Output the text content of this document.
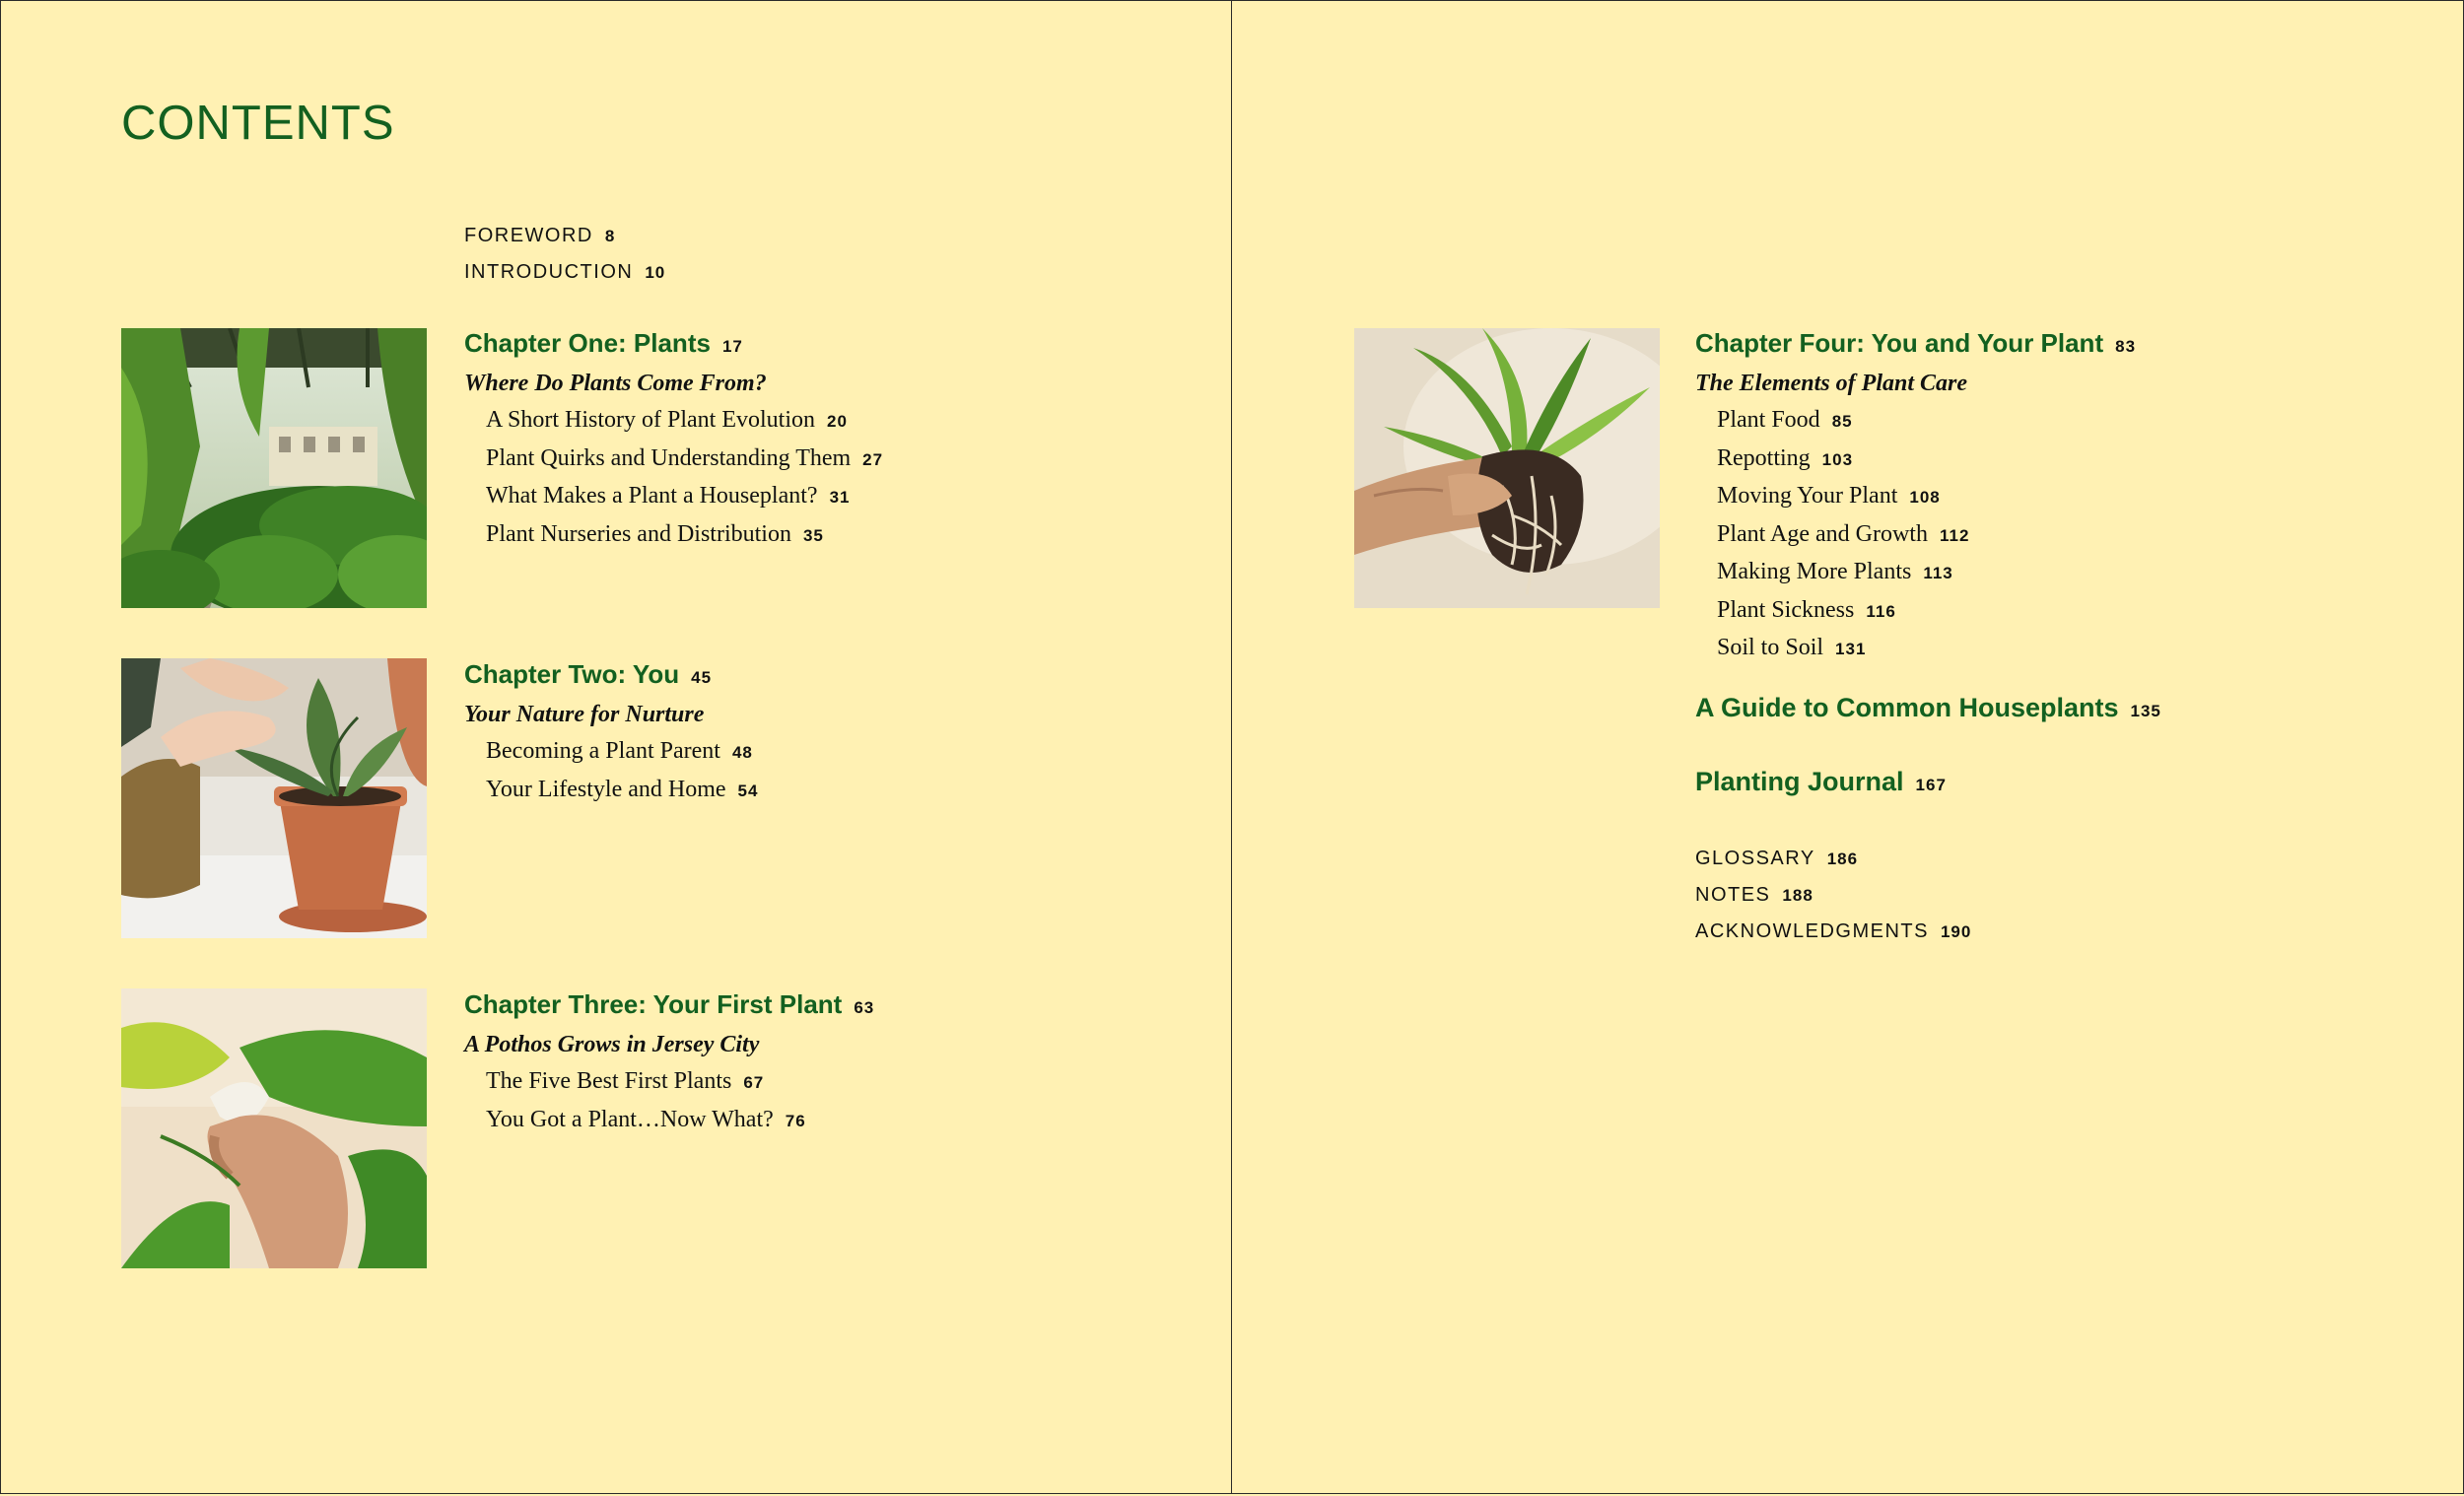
CONTENTS
FOREWORD 8
INTRODUCTION 10
Chapter One: Plants 17
Where Do Plants Come From?
A Short History of Plant Evolution 20
Plant Quirks and Understanding Them 27
What Makes a Plant a Houseplant? 31
Plant Nurseries and Distribution 35
Chapter Two: You 45
Your Nature for Nurture
Becoming a Plant Parent 48
Your Lifestyle and Home 54
Chapter Three: Your First Plant 63
A Pothos Grows in Jersey City
The Five Best First Plants 67
You Got a Plant…Now What? 76
Chapter Four: You and Your Plant 83
The Elements of Plant Care
Plant Food 85
Repotting 103
Moving Your Plant 108
Plant Age and Growth 112
Making More Plants 113
Plant Sickness 116
Soil to Soil 131
A Guide to Common Houseplants 135
Planting Journal 167
GLOSSARY 186
NOTES 188
ACKNOWLEDGMENTS 190
